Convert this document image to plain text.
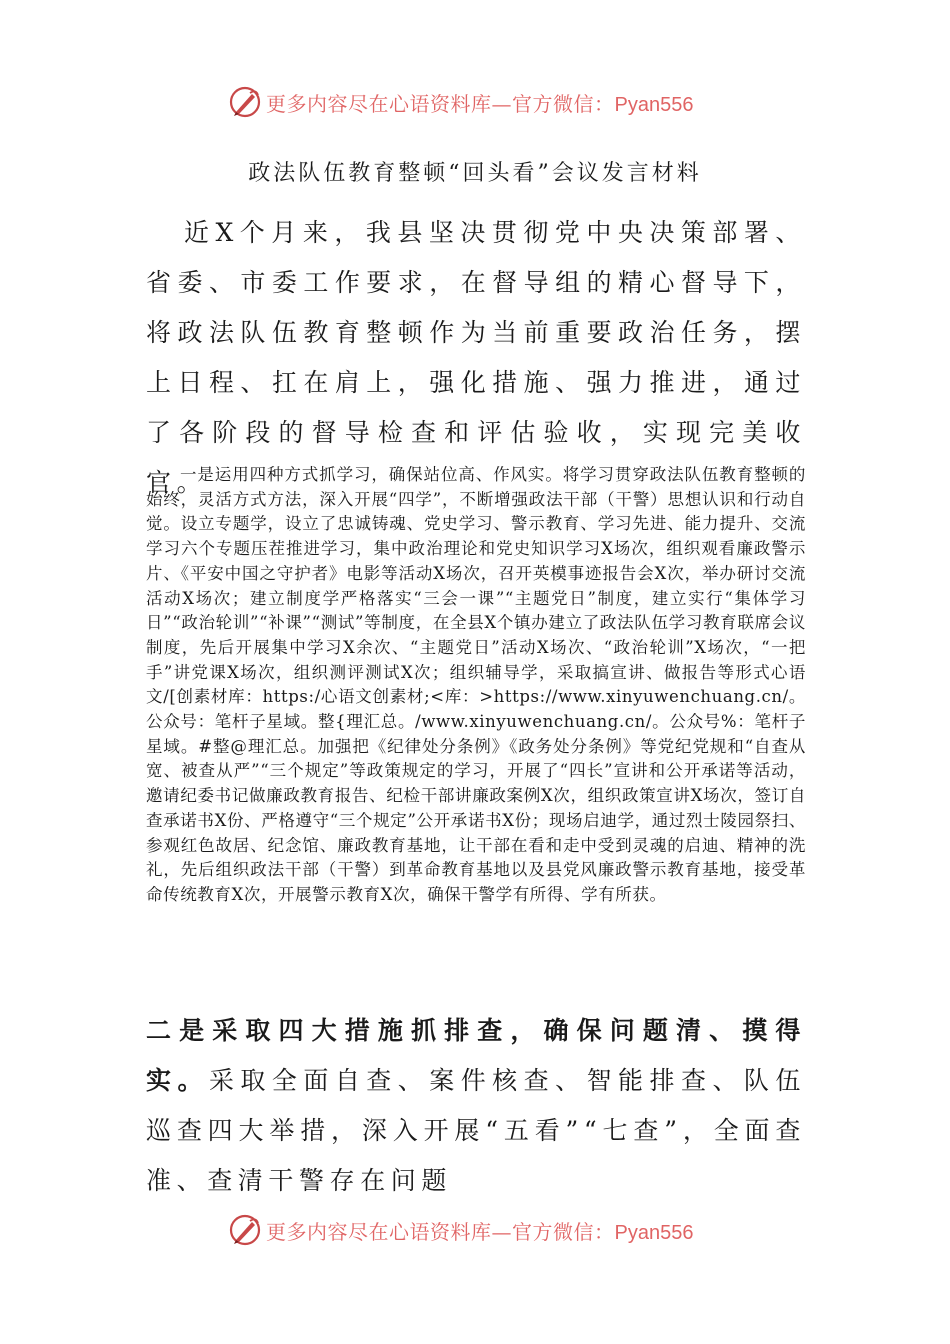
更多内容尽在心语资料库—官方微信：Pyan556
政法队伍教育整顿“回头看”会议发言材料

近X个月来，我县坚决贯彻党中央决策部署、省委、市委工作要求，在督导组的精心督导下，将政法队伍教育整顿作为当前重要政治任务，摆上日程、扛在肩上，强化措施、强力推进，通过了各阶段的督导检查和评估验收，实现完美收官。

一是运用四种方式抓学习，确保站位高、作风实。将学习贯穿政法队伍教育整顿的始终，灵活方式方法，深入开展“四学”，不断增强政法干部（干警）思想认识和行动自觉。设立专题学，设立了忠诚铸魂、党史学习、警示教育、学习先进、能力提升、交流学习六个专题压茬推进学习，集中政治理论和党史知识学习X场次，组织观看廉政警示片、《平安中国之守护者》电影等活动X场次，召开英模事迹报告会X次，举办研讨交流活动X场次；建立制度学严格落实“三会一课”“主题党日”制度，建立实行“集体学习日”“政治轮训”“补课”“测试”等制度，在全县X个镇办建立了政法队伍学习教育联席会议制度，先后开展集中学习X余次、“主题党日”活动X场次、“政治轮训”X场次，“一把手”讲党课X场次，组织测评测试X次；组织辅导学，采取搞宣讲、做报告等形式心语文/[创素材库：https:/心语文创素材;<库：>https://www.xinyuwenchuang.cn/。公众号：笔杆子星域。整{理汇总。/www.xinyuwenchuang.cn/。公众号%：笔杆子星域。#整@理汇总。加强把《纪律处分条例》《政务处分条例》等党纪党规和“自查从宽、被查从严”“三个规定”等政策规定的学习，开展了“四长”宣讲和公开承诺等活动，邀请纪委书记做廉政教育报告、纪检干部讲廉政案例X次，组织政策宣讲X场次，签订自查承诺书X份、严格遵守“三个规定”公开承诺书X份；现场启迪学，通过烈士陵园祭扫、参观红色故居、纪念馆、廉政教育基地，让干部在看和走中受到灵魂的启迪、精神的洗礼，先后组织政法干部（干警）到革命教育基地以及县党风廉政警示教育基地，接受革命传统教育X次，开展警示教育X次，确保干警学有所得、学有所获。

二是采取四大措施抓排查，确保问题清、摸得实。采取全面自查、案件核查、智能排查、队伍巡查四大举措，深入开展“五看”“七查”，全面查准、查清干警存在问题

更多内容尽在心语资料库—官方微信：Pyan556
